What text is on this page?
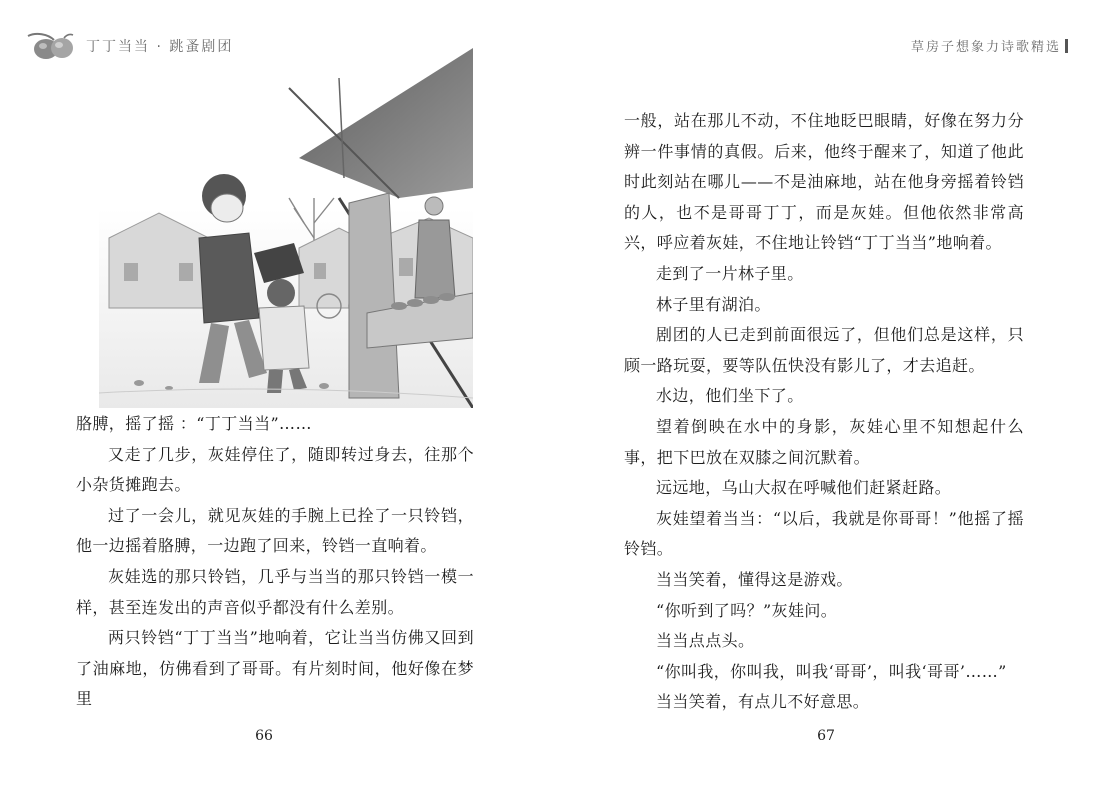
丁丁当当 · 跳蚤剧团

胳膊，摇了摇 ：“丁丁当当”……

又走了几步，灰娃停住了，随即转过身去，往那个小杂货摊跑去。

过了一会儿，就见灰娃的手腕上已拴了一只铃铛，他一边摇着胳膊，一边跑了回来，铃铛一直响着。

灰娃选的那只铃铛，几乎与当当的那只铃铛一模一样，甚至连发出的声音似乎都没有什么差别。

两只铃铛“丁丁当当”地响着，它让当当仿佛又回到了油麻地，仿佛看到了哥哥。有片刻时间，他好像在梦里

66
草房子想象力诗歌精选

一般，站在那儿不动，不住地眨巴眼睛，好像在努力分辨一件事情的真假。后来，他终于醒来了，知道了他此时此刻站在哪儿——不是油麻地，站在他身旁摇着铃铛的人，也不是哥哥丁丁，而是灰娃。但他依然非常高兴，呼应着灰娃，不住地让铃铛“丁丁当当”地响着。

走到了一片林子里。

林子里有湖泊。

剧团的人已走到前面很远了，但他们总是这样，只顾一路玩耍，要等队伍快没有影儿了，才去追赶。

水边，他们坐下了。

望着倒映在水中的身影，灰娃心里不知想起什么事，把下巴放在双膝之间沉默着。

远远地，乌山大叔在呼喊他们赶紧赶路。

灰娃望着当当：“以后，我就是你哥哥！”他摇了摇铃铛。

当当笑着，懂得这是游戏。

“你听到了吗？”灰娃问。

当当点点头。

“你叫我，你叫我，叫我‘哥哥’，叫我‘哥哥’……”

当当笑着，有点儿不好意思。

67
